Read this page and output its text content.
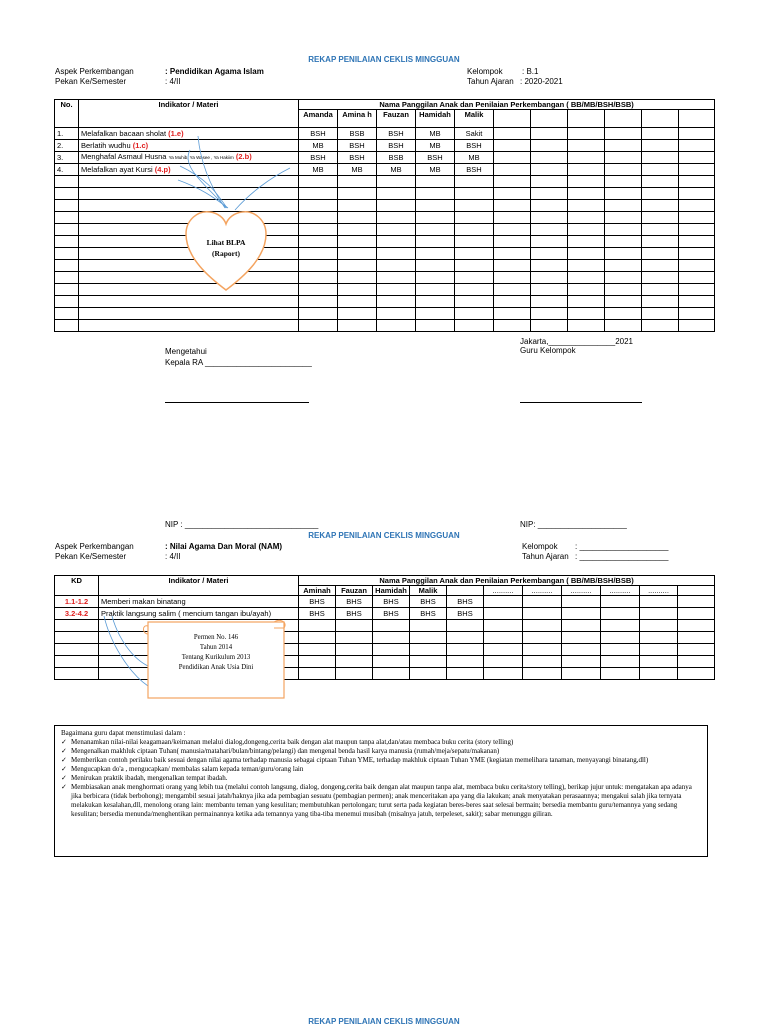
REKAP PENILAIAN CEKLIS MINGGUAN
Aspek Perkembangan	: Pendidikan Agama Islam
Pekan Ke/Semester	: 4/II
Kelompok : B.1
Tahun Ajaran : 2020-2021
No.	Indikator / Materi	Nama Panggilan Anak dan Penilaian Perkembangan ( BB/MB/BSH/BSB)										
		Amanda	Amina h	Fauzan	Hamidah	Malik						
1.	Melafalkan bacaan sholat (1.e)	BSH	BSB	BSH	MB	Sakit						
2.	Berlatih wudhu (1.c)	MB	BSH	BSH	MB	BSH						
3.	Menghafal Asmaul Husna Ya Muhib, Ya Wasee , Ya Hakiim (2.b)	BSH	BSH	BSB	BSH	MB						
4.	Melafalkan ayat Kursi (4.p)	MB	MB	MB	MB	BSH						

Lihat BLPA
(Raport)
Jakarta,_______________2021
Guru Kelompok
Mengetahui
Kepala RA ________________________
NIP : ______________________________	NIP: ____________________
REKAP PENILAIAN CEKLIS MINGGUAN
Aspek Perkembangan	: Nilai Agama Dan Moral (NAM)
Pekan Ke/Semester	: 4/II
Kelompok : ____________________
Tahun Ajaran : ____________________
KD	Indikator / Materi	Nama Panggilan Anak dan Penilaian Perkembangan ( BB/MB/BSH/BSB)										
		Aminah	Fauzan	Hamidah	Malik		..........	..........	..........	..........	..........	
1.1-1.2	Memberi makan binatang	BHS	BHS	BHS	BHS	BHS						
3.2-4.2	Praktik langsung salim ( mencium tangan ibu/ayah)	BHS	BHS	BHS	BHS	BHS						

Permen No. 146
Tahun 2014
Tentang Kurikulum 2013
Pendidikan Anak Usia Dini
Bagaimana guru dapat menstimulasi dalam :
✓ Menanamkan nilai-nilai keagamaan/keimanan melalui dialog,dongeng,cerita baik dengan alat maupun tanpa alat,dan/atau membaca buku cerita (story telling)
✓ Mengenalkan makhluk ciptaan Tuhan( manusia/matahari/bulan/bintang/pelangi) dan mengenal benda hasil karya manusia (rumah/meja/sepatu/makanan)
✓ Memberikan contoh perilaku baik sesuai dengan nilai agama terhadap manusia sebagai ciptaan Tuhan YME, terhadap makhluk ciptaan Tuhan YME (kegiatan memelihara tanaman, menyayangi binatang,dll)
✓ Mengucapkan do'a , mengucapkan/ membalas salam kepada teman/guru/orang lain
✓ Menirukan praktik ibadah, mengenalkan tempat ibadah.
✓ Membiasakan anak menghormati orang yang lebih tua (melalui contoh langsung, dialog, dongeng,cerita baik dengan alat maupun tanpa alat, membaca buku cerita/story telling), berikap jujur untuk: mengatakan apa adanya jika berbicara (tidak berbohong); mengambil sesuai jatah/haknya jika ada pembagian sesuatu (pembagian permen); anak menceritakan apa yang dia lakukan; anak menyatakan perasaannya; mengakui salah jika ternyata melakukan kesalahan,dll, menolong orang lain: membantu teman yang kesulitan; membutuhkan pertolongan; turut serta pada kegiatan beres-beres saat selesai bermain; bersedia membantu guru/temannya yang sedang kesulitan; bersedia menunda/menghentikan permainannya ketika ada temannya yang tiba-tiba menemui musibah (misalnya jatuh, terpeleset, sakit); sabar menunggu giliran.
REKAP PENILAIAN CEKLIS MINGGUAN
